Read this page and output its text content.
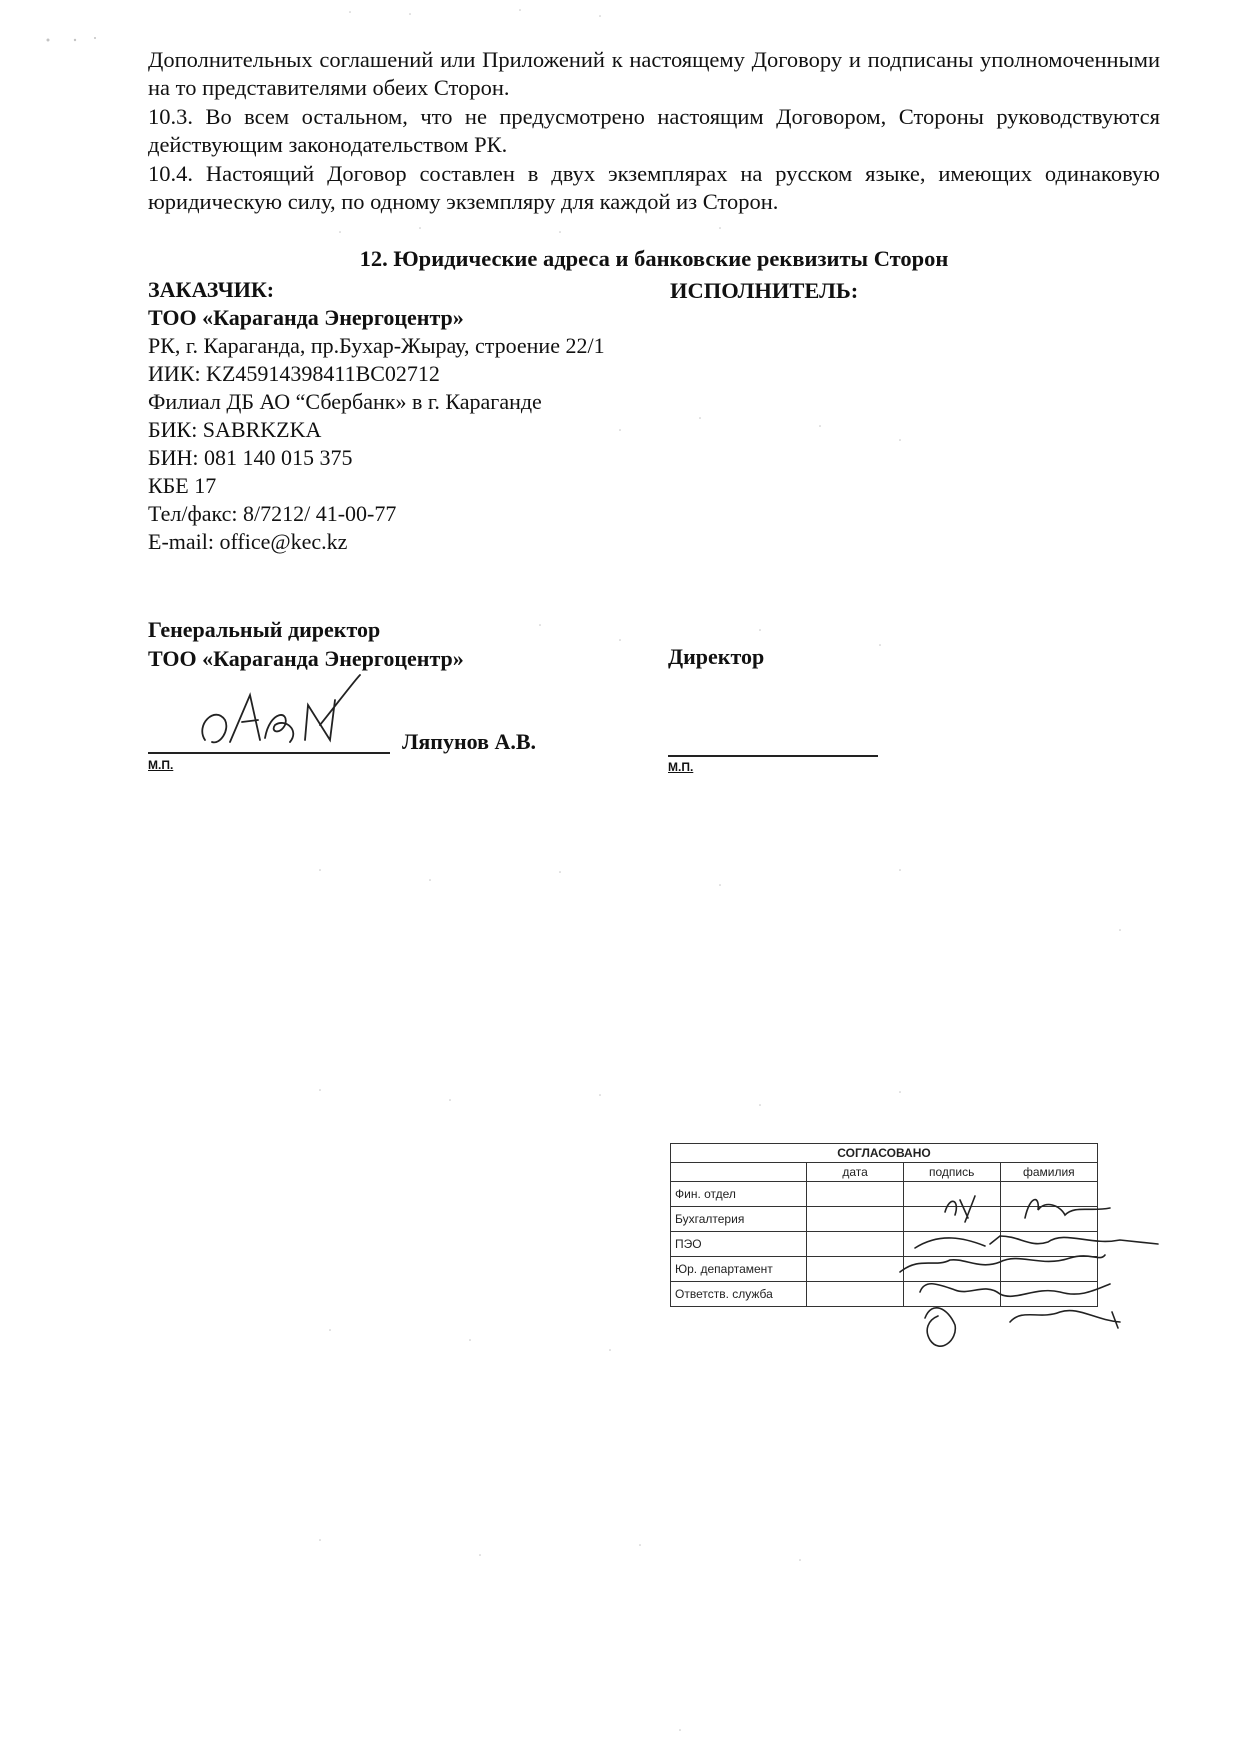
Дополнительных соглашений или Приложений к настоящему Договору и подписаны уполномоченными на то представителями обеих Сторон.
10.3. Во всем остальном, что не предусмотрено настоящим Договором, Стороны руководствуются действующим законодательством РК.
10.4. Настоящий Договор составлен в двух экземплярах на русском языке, имеющих одинаковую юридическую силу, по одному экземпляру для каждой из Сторон.
12. Юридические адреса и банковские реквизиты Сторон
ЗАКАЗЧИК:
ТОО «Караганда Энергоцентр»
РК, г. Караганда, пр.Бухар-Жырау, строение 22/1
ИИК: KZ45914398411BC02712
Филиал ДБ АО “Сбербанк» в г. Караганде
БИК: SABRKZKA
БИН: 081 140 015 375
КБЕ 17
Тел/факс: 8/7212/ 41-00-77
E-mail: office@kec.kz
ИСПОЛНИТЕЛЬ:
Генеральный директор
ТОО «Караганда Энергоцентр»	Директор
Ляпунов А.В.
М.П.	М.П.
СОГЛАСОВАНО			
	дата	подпись	фамилия
Фин. отдел			
Бухгалтерия			
ПЭО			
Юр. департамент			
Ответств. служба			
